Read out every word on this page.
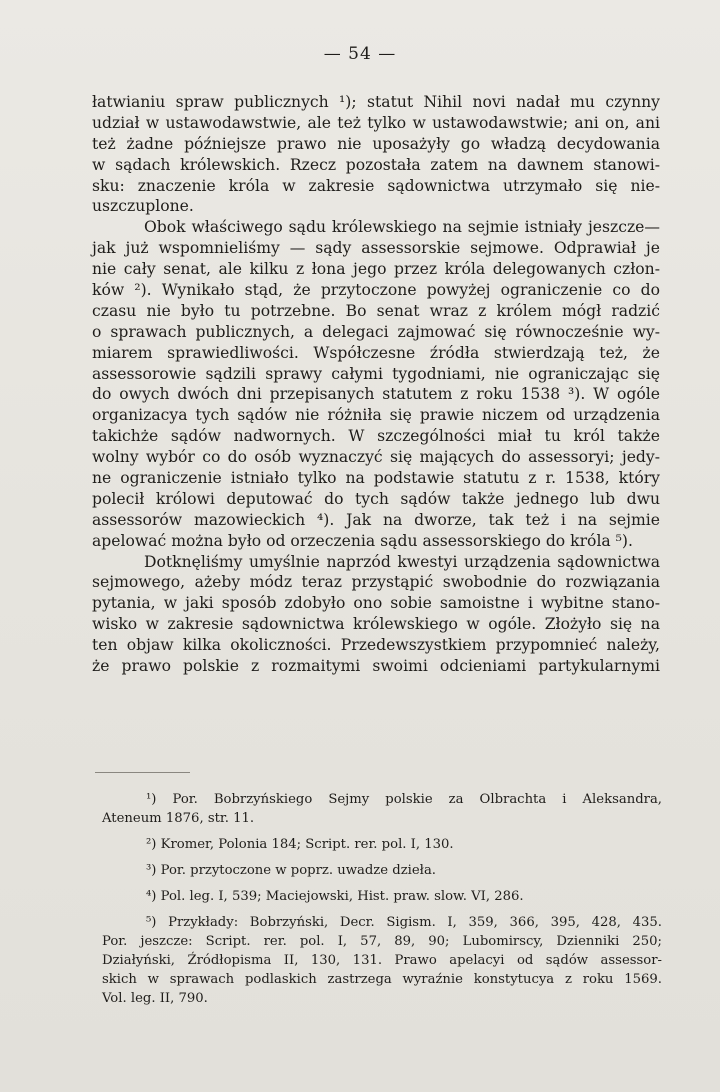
— 54 —
łatwianiu spraw publicznych ¹); statut Nihil novi nadał mu czynny
udział w ustawodawstwie, ale też tylko w ustawodawstwie; ani on, ani
też żadne późniejsze prawo nie uposażyły go władzą decydowania
w sądach królewskich. Rzecz pozostała zatem na dawnem stanowi-
sku: znaczenie króla w zakresie sądownictwa utrzymało się nie-
uszczuplone.
Obok właściwego sądu królewskiego na sejmie istniały jeszcze—
jak już wspomnieliśmy — sądy assessorskie sejmowe. Odprawiał je
nie cały senat, ale kilku z łona jego przez króla delegowanych człon-
ków ²). Wynikało stąd, że przytoczone powyżej ograniczenie co do
czasu nie było tu potrzebne. Bo senat wraz z królem mógł radzić
o sprawach publicznych, a delegaci zajmować się równocześnie wy-
miarem sprawiedliwości. Współczesne źródła stwierdzają też, że
assessorowie sądzili sprawy całymi tygodniami, nie ograniczając się
do owych dwóch dni przepisanych statutem z roku 1538 ³). W ogóle
organizacya tych sądów nie różniła się prawie niczem od urządzenia
takichże sądów nadwornych. W szczególności miał tu król także
wolny wybór co do osób wyznaczyć się mających do assessoryi; jedy-
ne ograniczenie istniało tylko na podstawie statutu z r. 1538, który
polecił królowi deputować do tych sądów także jednego lub dwu
assessorów mazowieckich ⁴). Jak na dworze, tak też i na sejmie
apelować można było od orzeczenia sądu assessorskiego do króla ⁵).
Dotknęliśmy umyślnie naprzód kwestyi urządzenia sądownictwa
sejmowego, ażeby módz teraz przystąpić swobodnie do rozwiązania
pytania, w jaki sposób zdobyło ono sobie samoistne i wybitne stano-
wisko w zakresie sądownictwa królewskiego w ogóle. Złożyło się na
ten objaw kilka okoliczności. Przedewszystkiem przypomnieć należy,
że prawo polskie z rozmaitymi swoimi odcieniami partykularnymi
¹) Por. Bobrzyńskiego Sejmy polskie za Olbrachta i Aleksandra,
Ateneum 1876, str. 11.
²) Kromer, Polonia 184; Script. rer. pol. I, 130.
³) Por. przytoczone w poprz. uwadze dzieła.
⁴) Pol. leg. I, 539; Maciejowski, Hist. praw. slow. VI, 286.
⁵) Przykłady: Bobrzyński, Decr. Sigism. I, 359, 366, 395, 428, 435.
Por. jeszcze: Script. rer. pol. I, 57, 89, 90; Lubomirscy, Dzienniki 250;
Działyński, Źródłopisma II, 130, 131. Prawo apelacyi od sądów assessor-
skich w sprawach podlaskich zastrzega wyraźnie konstytucya z roku 1569.
Vol. leg. II, 790.
